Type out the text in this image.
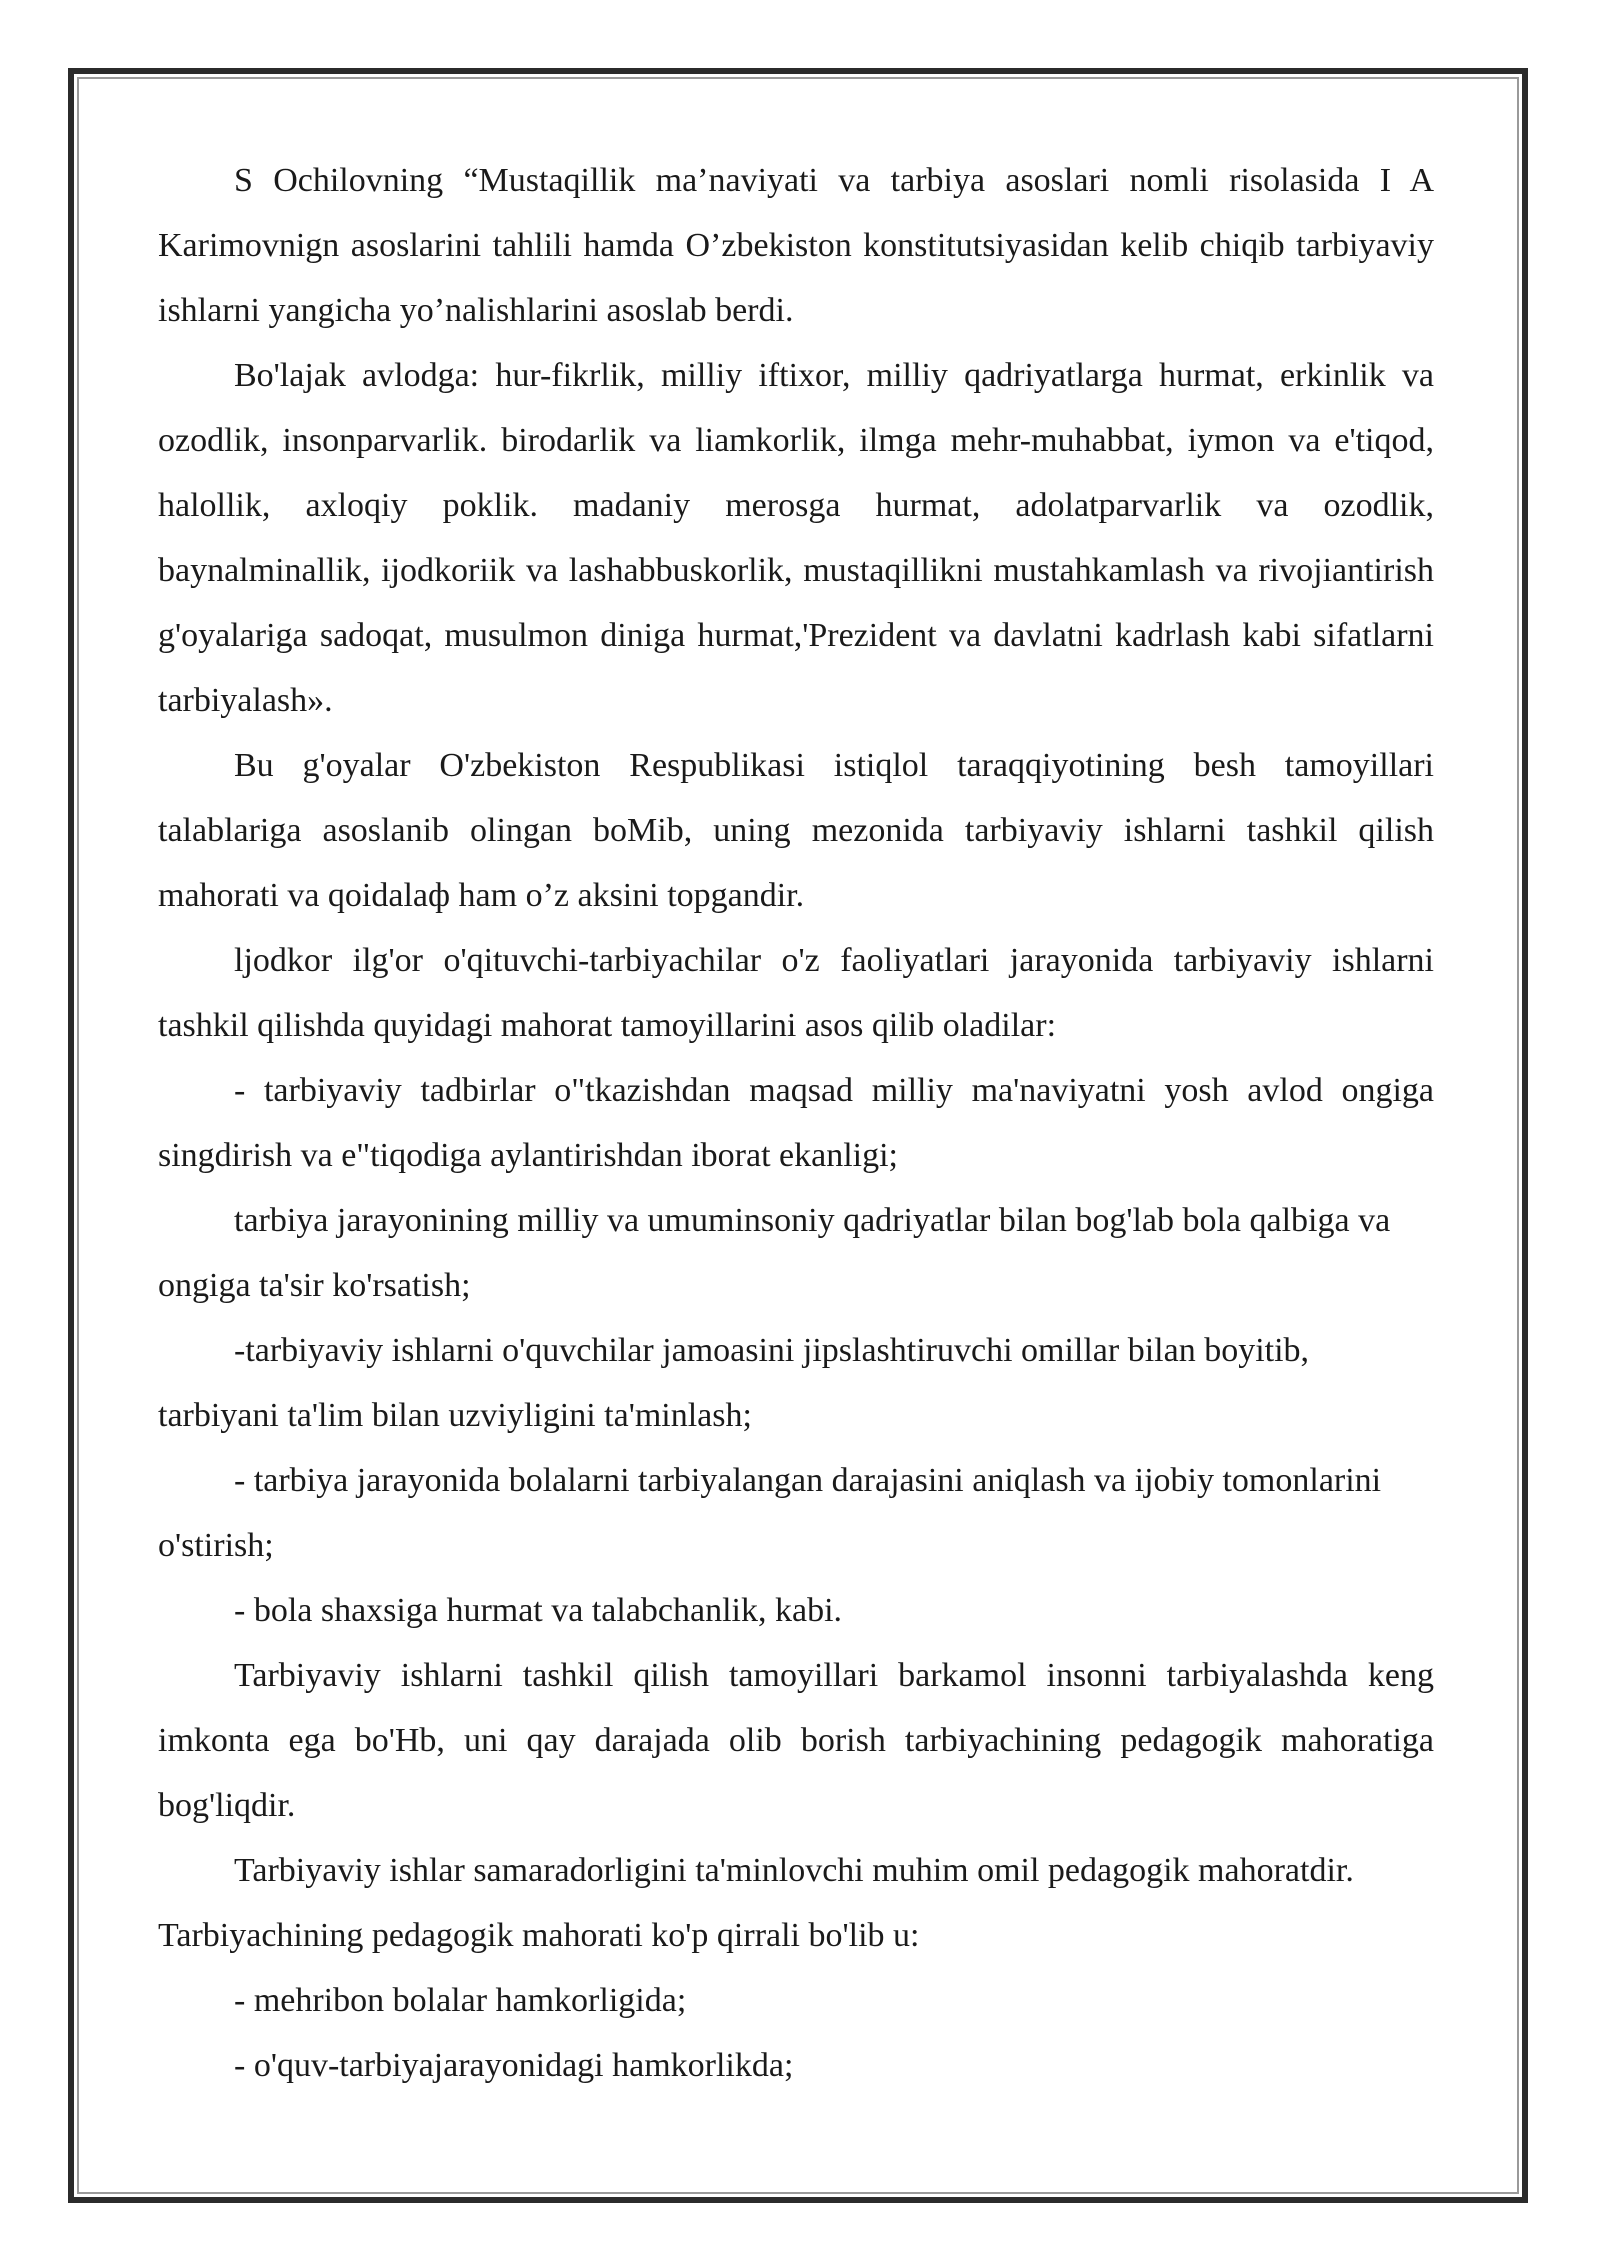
S Ochilovning “Mustaqillik ma’naviyati va tarbiya asoslari nomli risolasida I A Karimovnign asoslarini tahlili hamda O’zbekiston konstitutsiyasidan kelib chiqib tarbiyaviy ishlarni yangicha yo’nalishlarini asoslab berdi.

Bo'lajak avlodga: hur-fikrlik, milliy iftixor, milliy qadriyatlarga hurmat, erkinlik va ozodlik, insonparvarlik. birodarlik va liamkorlik, ilmga mehr-muhabbat, iymon va e'tiqod, halollik, axloqiy poklik. madaniy merosga hurmat, adolatparvarlik va ozodlik, baynalminallik, ijodkoriik va lashabbuskorlik, mustaqillikni mustahkamlash va rivojiantirish g'oyalariga sadoqat, musulmon diniga hurmat,'Prezident va davlatni kadrlash kabi sifatlarni tarbiyalash».

Bu g'oyalar O'zbekiston Respublikasi istiqlol taraqqiyotining besh tamoyillari talablariga asoslanib olingan boMib, uning mezonida tarbiyaviy ishlarni tashkil qilish mahorati va qoidalaф ham o’z aksini topgandir.

ljodkor ilg'or o'qituvchi-tarbiyachilar o'z faoliyatlari jarayonida tarbiyaviy ishlarni tashkil qilishda quyidagi mahorat tamoyillarini asos qilib oladilar:

- tarbiyaviy tadbirlar o"tkazishdan maqsad milliy ma'naviyatni yosh avlod ongiga singdirish va e"tiqodiga aylantirishdan iborat ekanligi;

tarbiya jarayonining milliy va umuminsoniy qadriyatlar bilan bog'lab bola qalbiga va ongiga ta'sir ko'rsatish;

-tarbiyaviy ishlarni o'quvchilar jamoasini jipslashtiruvchi omillar bilan boyitib, tarbiyani ta'lim bilan uzviyligini ta'minlash;

- tarbiya jarayonida bolalarni tarbiyalangan darajasini aniqlash va ijobiy tomonlarini o'stirish;

- bola shaxsiga hurmat va talabchanlik, kabi.

Tarbiyaviy ishlarni tashkil qilish tamoyillari barkamol insonni tarbiyalashda keng imkonta ega bo'Hb, uni qay darajada olib borish tarbiyachining pedagogik mahoratiga bog'liqdir.

Tarbiyaviy ishlar samaradorligini ta'minlovchi muhim omil pedagogik mahoratdir. Tarbiyachining pedagogik mahorati ko'p qirrali bo'lib u:

- mehribon bolalar hamkorligida;

- o'quv-tarbiyajarayonidagi hamkorlikda;
